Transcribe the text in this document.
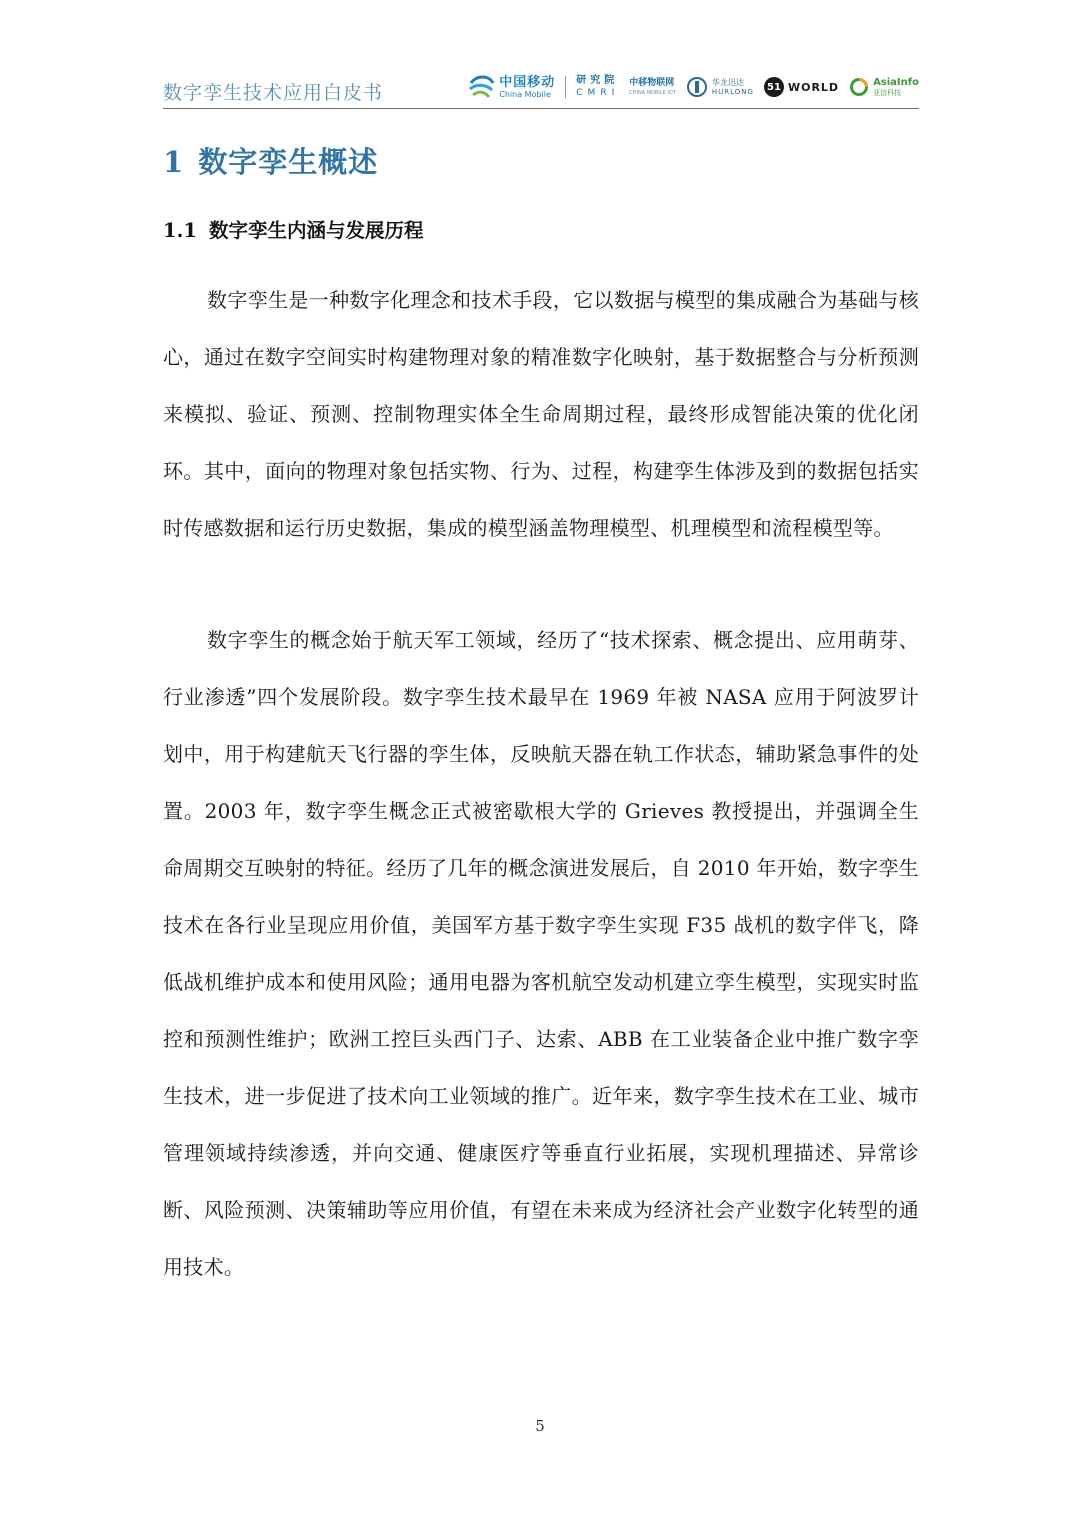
数字孪生技术应用白皮书	中国移动
China Mobile
研究院
CMRI
中移物联网
CHINA MOBILE IOT
华龙迅达
HURLONG	51 WORLD	AsiaInfo
亚信科技
1 数字孪生概述
1.1 数字孪生内涵与发展历程

数字孪生是一种数字化理念和技术手段，它以数据与模型的集成融合为基础与核心，通过在数字空间实时构建物理对象的精准数字化映射，基于数据整合与分析预测来模拟、验证、预测、控制物理实体全生命周期过程，最终形成智能决策的优化闭环。其中，面向的物理对象包括实物、行为、过程，构建孪生体涉及到的数据包括实时传感数据和运行历史数据，集成的模型涵盖物理模型、机理模型和流程模型等。

数字孪生的概念始于航天军工领域，经历了“技术探索、概念提出、应用萌芽、行业渗透”四个发展阶段。数字孪生技术最早在 1969 年被 NASA 应用于阿波罗计划中，用于构建航天飞行器的孪生体，反映航天器在轨工作状态，辅助紧急事件的处置。2003 年，数字孪生概念正式被密歇根大学的 Grieves 教授提出，并强调全生命周期交互映射的特征。经历了几年的概念演进发展后，自 2010 年开始，数字孪生技术在各行业呈现应用价值，美国军方基于数字孪生实现 F35 战机的数字伴飞，降低战机维护成本和使用风险；通用电器为客机航空发动机建立孪生模型，实现实时监控和预测性维护；欧洲工控巨头西门子、达索、ABB 在工业装备企业中推广数字孪生技术，进一步促进了技术向工业领域的推广。近年来，数字孪生技术在工业、城市管理领域持续渗透，并向交通、健康医疗等垂直行业拓展，实现机理描述、异常诊断、风险预测、决策辅助等应用价值，有望在未来成为经济社会产业数字化转型的通用技术。

5
